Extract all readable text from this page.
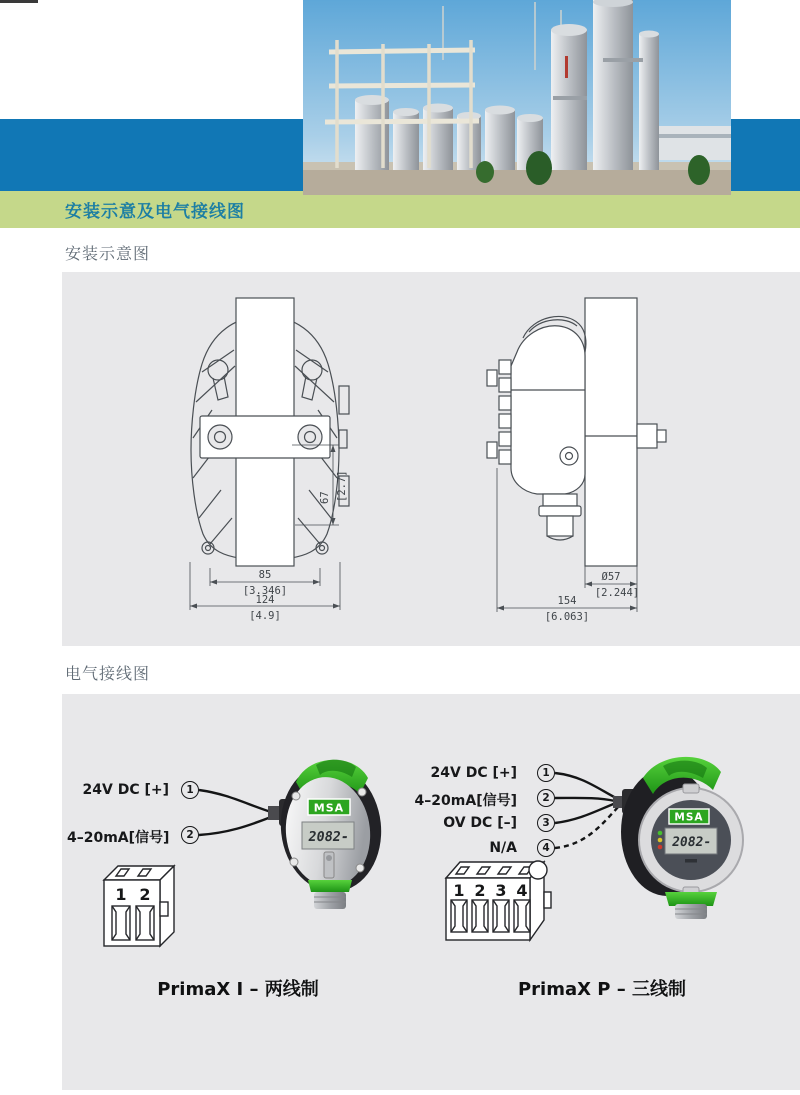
安装示意及电气接线图
安装示意图
67 [2.7]
85
[3.346]
124
[4.9]
Ø57
[2.244]
154
[6.063]
电气接线图
24V DC [+]
4–20mA[信号]
1
2
24V DC [+]
4–20mA[信号]
OV DC [–]
N/A
1
2
3
4
MSA
2082-
MSA
2082-
1 2	1 2 3 4
PrimaX I – 两线制	PrimaX P – 三线制
